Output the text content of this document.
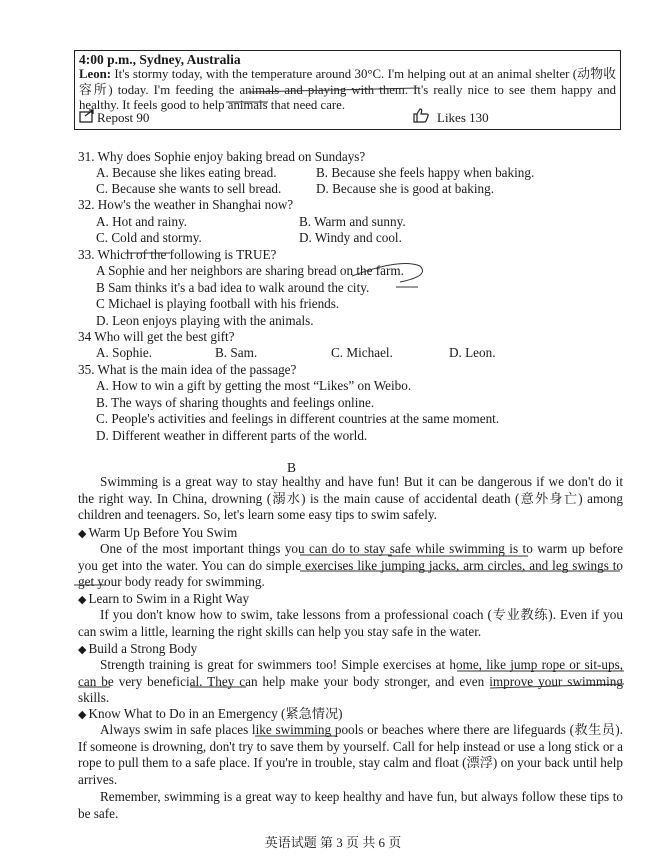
4:00 p.m., Sydney, Australia
Leon: It's stormy today, with the temperature around 30°C. I'm helping out at an animal shelter (动物收容所) today. I'm feeding the animals and playing with them. It's really nice to see them happy and healthy. It feels good to help animals that need care.
Repost 90	Likes 130
31. Why does Sophie enjoy baking bread on Sundays?
A. Because she likes eating bread.	B. Because she feels happy when baking.
C. Because she wants to sell bread.	D. Because she is good at baking.
32. How's the weather in Shanghai now?
A. Hot and rainy.	B. Warm and sunny.
C. Cold and stormy.	D. Windy and cool.
33. Which of the following is TRUE?
A Sophie and her neighbors are sharing bread on the farm.
B Sam thinks it's a bad idea to walk around the city.
C Michael is playing football with his friends.
D. Leon enjoys playing with the animals.
34 Who will get the best gift?
A. Sophie.	B. Sam.	C. Michael.	D. Leon.
35. What is the main idea of the passage?
A. How to win a gift by getting the most “Likes” on Weibo.
B. The ways of sharing thoughts and feelings online.
C. People's activities and feelings in different countries at the same moment.
D. Different weather in different parts of the world.
B
Swimming is a great way to stay healthy and have fun! But it can be dangerous if we don't do it the right way. In China, drowning (溺水) is the main cause of accidental death (意外身亡) among children and teenagers. So, let's learn some easy tips to swim safely.
◆ Warm Up Before You Swim
One of the most important things you can do to stay safe while swimming is to warm up before you get into the water. You can do simple exercises like jumping jacks, arm circles, and leg swings to get your body ready for swimming.
◆ Learn to Swim in a Right Way
If you don't know how to swim, take lessons from a professional coach (专业教练). Even if you can swim a little, learning the right skills can help you stay safe in the water.
◆ Build a Strong Body
Strength training is great for swimmers too! Simple exercises at home, like jump rope or sit-ups, can be very beneficial. They can help make your body stronger, and even improve your swimming skills.
◆ Know What to Do in an Emergency (紧急情况)
Always swim in safe places like swimming pools or beaches where there are lifeguards (救生员). If someone is drowning, don't try to save them by yourself. Call for help instead or use a long stick or a rope to pull them to a safe place. If you're in trouble, stay calm and float (漂浮) on your back until help arrives.
Remember, swimming is a great way to keep healthy and have fun, but always follow these tips to be safe.
英语试题 第 3 页 共 6 页
